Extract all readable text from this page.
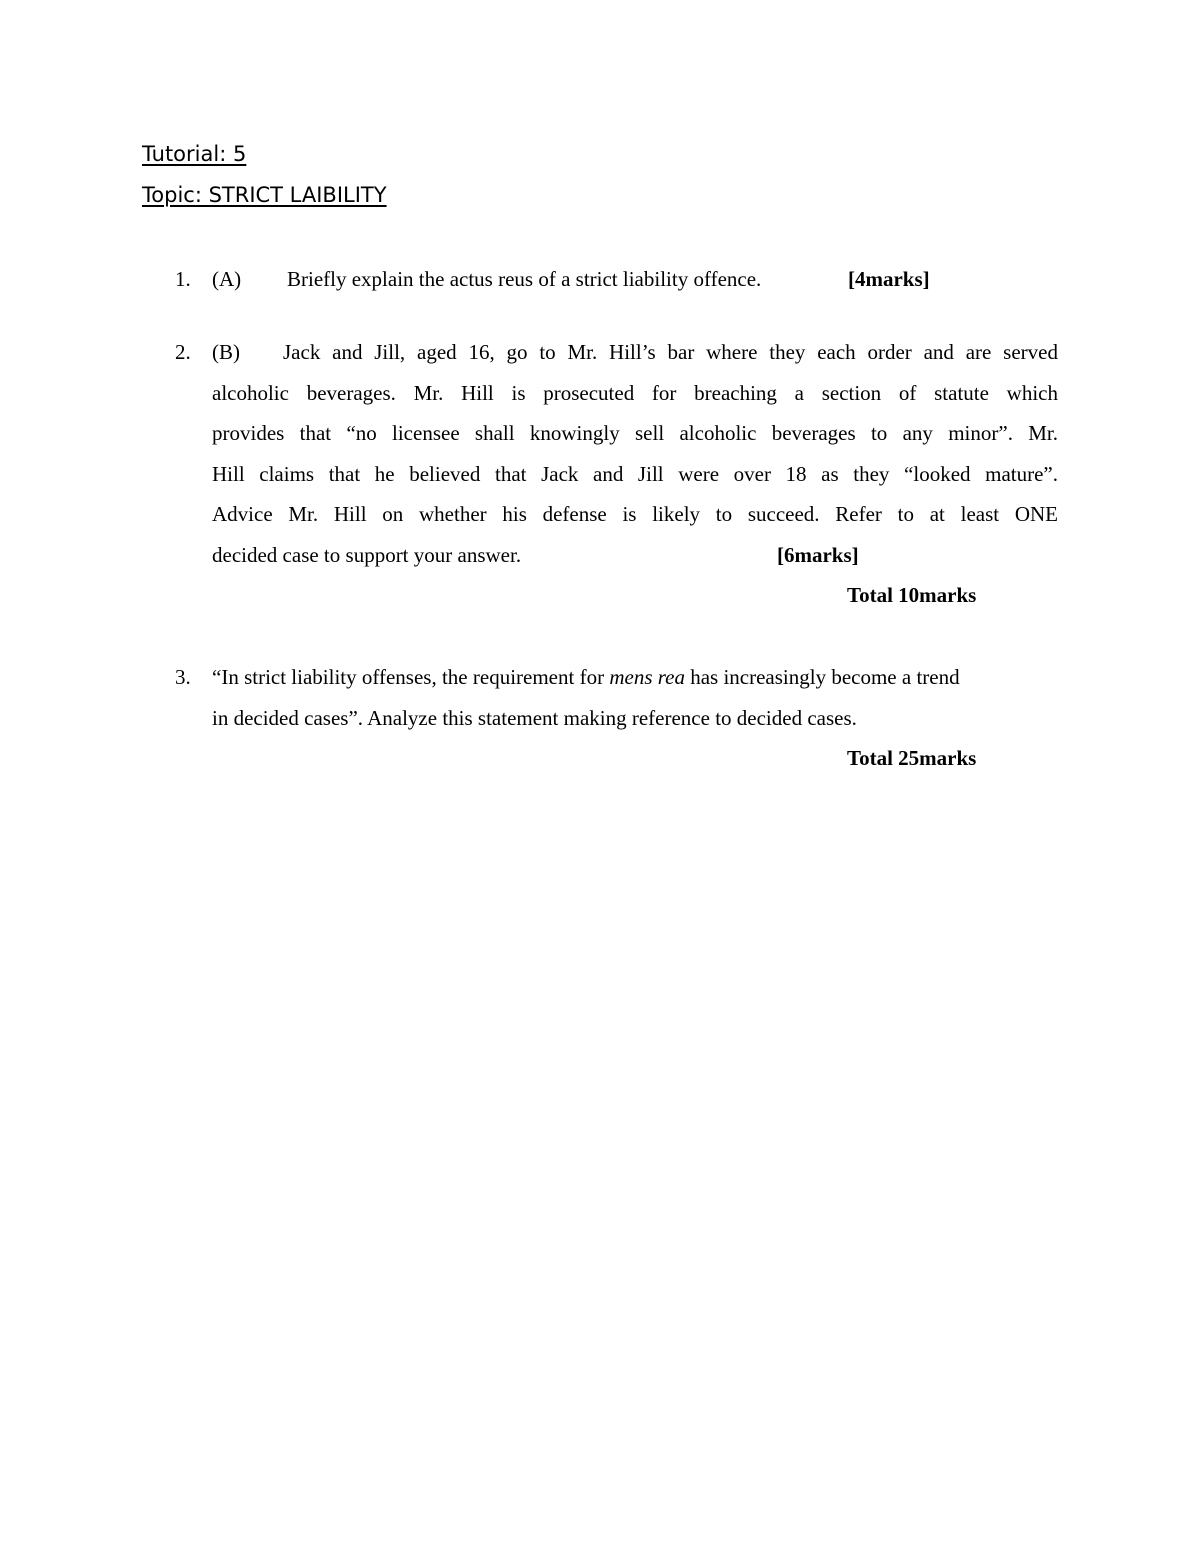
Tutorial: 5
Topic: STRICT LAIBILITY
1. (A) Briefly explain the actus reus of a strict liability offence.	[4marks]
2. (B) Jack and Jill, aged 16, go to Mr. Hill’s bar where they each order and are served
alcoholic beverages. Mr. Hill is prosecuted for breaching a section of statute which
provides that “no licensee shall knowingly sell alcoholic beverages to any minor”. Mr.
Hill claims that he believed that Jack and Jill were over 18 as they “looked mature”.
Advice Mr. Hill on whether his defense is likely to succeed. Refer to at least ONE
decided case to support your answer.	[6marks]
Total 10marks
3. “In strict liability offenses, the requirement for mens rea has increasingly become a trend
in decided cases”. Analyze this statement making reference to decided cases.
Total 25marks
